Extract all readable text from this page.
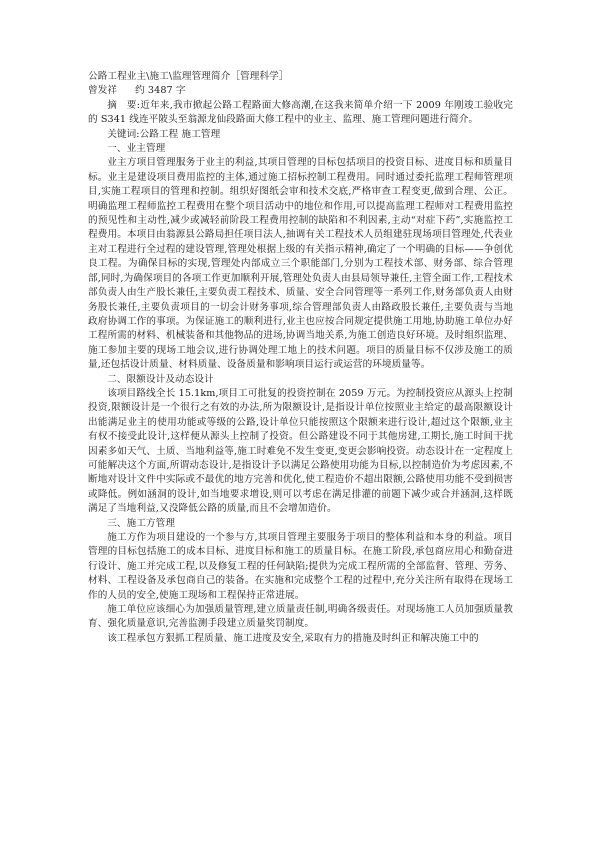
公路工程业主\施工\监理管理简介［管理科学］
曾发祥 约 3487 字
摘　要:近年来,我市掀起公路工程路面大修高潮,在这我来简单介绍一下 2009 年刚竣工验收完的 S341 线连平陂头至翁源龙仙段路面大修工程中的业主、监理、施工管理问题进行简介。
关键词:公路工程 施工管理
一、业主管理

业主方项目管理服务于业主的利益,其项目管理的目标包括项目的投资目标、进度目标和质量目标。业主是建设项目费用监控的主体,通过施工招标控制工程费用。同时通过委托监理工程师管理项目,实施工程项目的管理和控制。组织好图纸会审和技术交底,严格审查工程变更,做到合理、公正。明确监理工程师监控工程费用在整个项目活动中的地位和作用,可以提高监理工程师对工程费用监控的预见性和主动性,减少或减轻前阶段工程费用控制的缺陷和不利因素,主动“对症下药”,实施监控工程费用。本项目由翁源县公路局担任项目法人,抽调有关工程技术人员组建驻现场项目管理处,代表业主对工程进行全过程的建设管理,管理处根据上级的有关指示精神,确定了一个明确的目标——争创优良工程。为确保目标的实现,管理处内部成立三个职能部门,分别为工程技术部、财务部、综合管理部,同时,为确保项目的各项工作更加顺利开展,管理处负责人由县局领导兼任,主管全面工作,工程技术部负责人由生产股长兼任,主要负责工程技术、质量、安全合同管理等一系列工作,财务部负责人由财务股长兼任,主要负责项目的一切会计财务事项,综合管理部负责人由路政股长兼任,主要负责与当地政府协调工作的事项。为保证施工的顺利进行,业主也应按合同规定提供施工用地,协助施工单位办好工程所需的材料、机械装备和其他物品的进场,协调当地关系,为施工创造良好环境。及时组织监理、施工参加主要的现场工地会议,进行协调处理工地上的技术问题。项目的质量目标不仅涉及施工的质量,还包括设计质量、材料质量、设备质量和影响项目运行或运营的环境质量等。

二、限额设计及动态设计

该项目路线全长 15.1km,项目工可批复的投资控制在 2059 万元。为控制投资应从源头上控制投资,限额设计是一个很行之有效的办法,所为限额设计,是指设计单位按照业主给定的最高限额设计出能满足业主的使用功能或等级的公路,设计单位只能按照这个限额来进行设计,超过这个限额,业主有权不接受此设计,这样便从源头上控制了投资。但公路建设不同于其他房建,工期长,施工时间干扰因素多如天气、土质、当地利益等,施工时难免不发生变更,变更会影响投资。动态设计在一定程度上可能解决这个方面,所谓动态设计,是指设计予以满足公路使用功能为目标,以控制造价为考虑因素,不断地对设计文件中实际或不最优的地方完善和优化,使工程造价不超出限额,公路使用功能不受到损害或降低。例如涵洞的设计,如当地要求增设,则可以考虑在满足排灌的前题下减少或合并涵洞,这样既满足了当地利益,又没降低公路的质量,而且不会增加造价。

三、施工方管理

施工方作为项目建设的一个参与方,其项目管理主要服务于项目的整体利益和本身的利益。项目管理的目标包括施工的成本目标、进度目标和施工的质量目标。在施工阶段,承包商应用心和勤奋进行设计、施工并完成工程,以及修复工程的任何缺陷;提供为完成工程所需的全部监督、管理、劳务、材料、工程设备及承包商自己的装备。在实施和完成整个工程的过程中,充分关注所有取得在现场工作的人员的安全,使施工现场和工程保持正常进展。

施工单位应该细心为加强质量管理,建立质量责任制,明确各级责任。对现场施工人员加强质量教育、强化质量意识,完善监测手段建立质量奖罚制度。

该工程承包方狠抓工程质量、施工进度及安全,采取有力的措施及时纠正和解决施工中的
